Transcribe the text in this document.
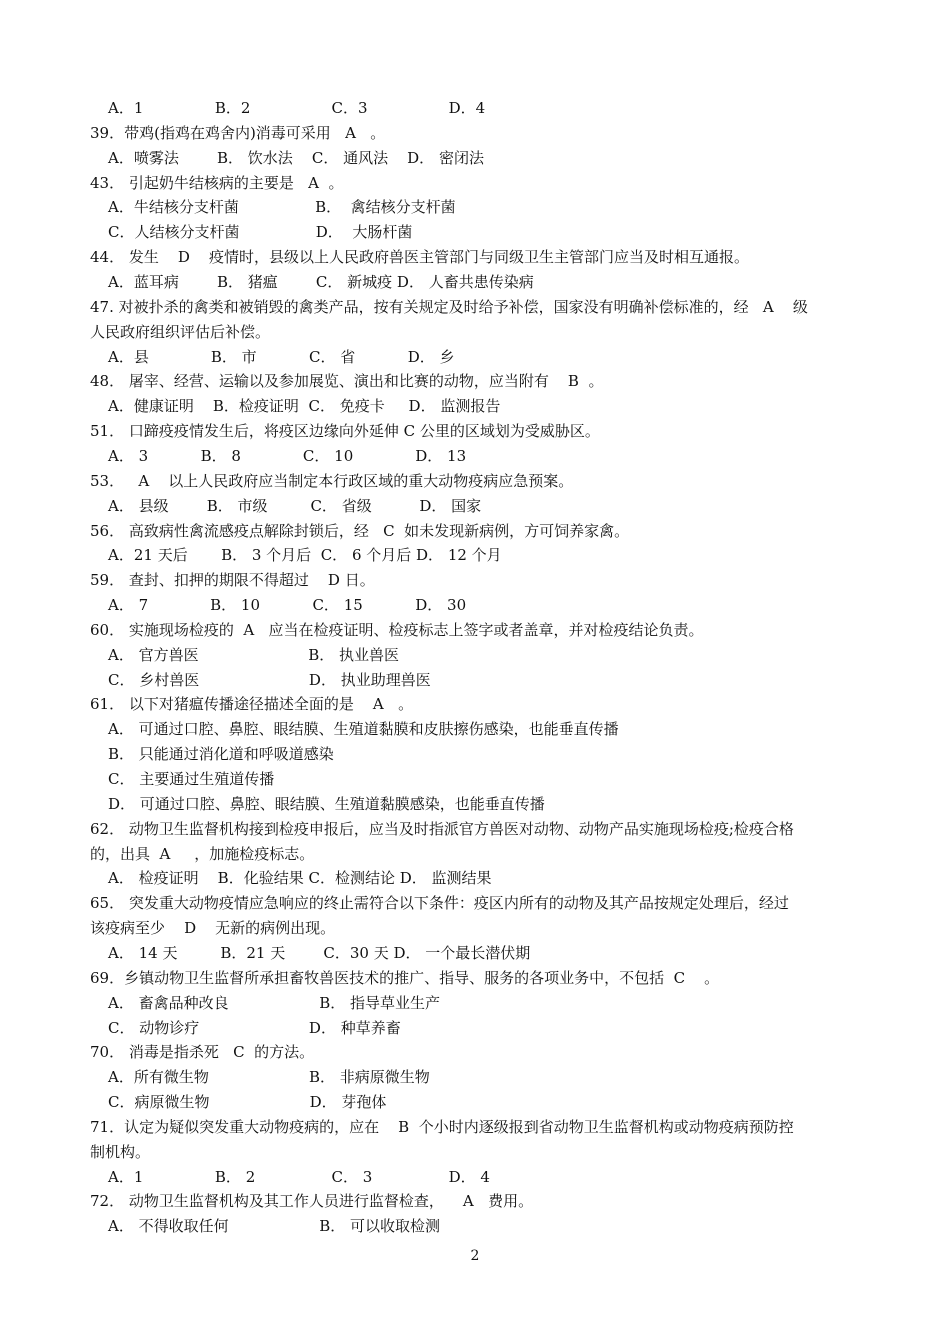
2
A．1               B．2                 C．3                 D．4
39．带鸡(指鸡在鸡舍内)消毒可采用   A   。
A．喷雾法        B． 饮水法    C． 通风法    D． 密闭法
43． 引起奶牛结核病的主要是   A  。
A．牛结核分支杆菌                B．  禽结核分支杆菌
C．人结核分支杆菌                D．  大肠杆菌
44． 发生    D    疫情时，县级以上人民政府兽医主管部门与同级卫生主管部门应当及时相互通报。
A．蓝耳病        B． 猪瘟        C． 新城疫 D． 人畜共患传染病
47. 对被扑杀的禽类和被销毁的禽类产品，按有关规定及时给予补偿，国家没有明确补偿标准的，经   A    级
人民政府组织评估后补偿。
A．县             B． 市           C． 省           D． 乡
48． 屠宰、经营、运输以及参加展览、演出和比赛的动物，应当附有    B  。
A．健康证明    B．检疫证明  C． 免疫卡     D． 监测报告
51． 口蹄疫疫情发生后，将疫区边缘向外延伸 C 公里的区域划为受威胁区。
A． 3           B． 8             C． 10             D． 13
53．   A    以上人民政府应当制定本行政区域的重大动物疫病应急预案。
A． 县级        B． 市级         C． 省级          D． 国家
56． 高致病性禽流感疫点解除封锁后，经   C  如未发现新病例，方可饲养家禽。
A．21 天后       B． 3 个月后  C． 6 个月后 D． 12 个月
59． 查封、扣押的期限不得超过    D 日。
A． 7             B． 10           C． 15           D． 30
60． 实施现场检疫的  A   应当在检疫证明、检疫标志上签字或者盖章，并对检疫结论负责。
A． 官方兽医                       B． 执业兽医
C． 乡村兽医                       D． 执业助理兽医
61． 以下对猪瘟传播途径描述全面的是    A   。
A． 可通过口腔、鼻腔、眼结膜、生殖道黏膜和皮肤擦伤感染，也能垂直传播
B． 只能通过消化道和呼吸道感染
C． 主要通过生殖道传播
D． 可通过口腔、鼻腔、眼结膜、生殖道黏膜感染，也能垂直传播
62． 动物卫生监督机构接到检疫申报后，应当及时指派官方兽医对动物、动物产品实施现场检疫;检疫合格
的，出具  A     ，加施检疫标志。
A． 检疫证明    B．化验结果 C．检测结论 D． 监测结果
65． 突发重大动物疫情应急响应的终止需符合以下条件：疫区内所有的动物及其产品按规定处理后，经过
该疫病至少    D    无新的病例出现。
A． 14 天         B．21 天        C．30 天 D． 一个最长潜伏期
69．乡镇动物卫生监督所承担畜牧兽医技术的推广、指导、服务的各项业务中，不包括  C    。
A． 畜禽品种改良                   B． 指导草业生产
C． 动物诊疗                       D． 种草养畜
70． 消毒是指杀死   C  的方法。
A．所有微生物                     B． 非病原微生物
C．病原微生物                     D． 芽孢体
71．认定为疑似突发重大动物疫病的，应在    B  个小时内逐级报到省动物卫生监督机构或动物疫病预防控
制机构。
A．1               B． 2                C． 3                D． 4
72． 动物卫生监督机构及其工作人员进行监督检查，    A   费用。
A． 不得收取任何                   B． 可以收取检测
